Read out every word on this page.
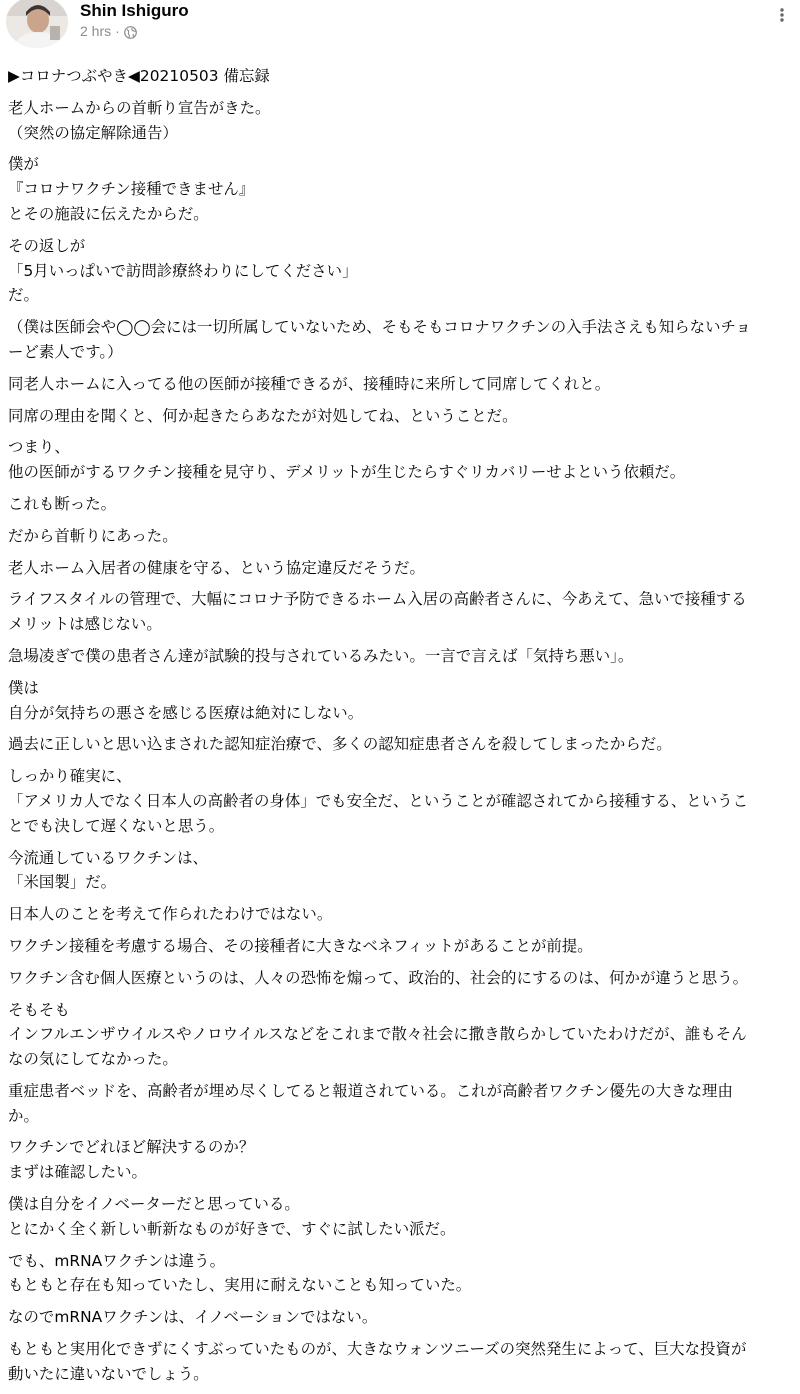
Shin Ishiguro
2 hrs ·

▶コロナつぶやき◀20210503 備忘録

老人ホームからの首斬り宣告がきた。
（突然の協定解除通告）

僕が
『コロナワクチン接種できません』
とその施設に伝えたからだ。

その返しが
「5月いっぱいで訪問診療終わりにしてください」
だ。

（僕は医師会や◯◯会には一切所属していないため、そもそもコロナワクチンの入手法さえも知らないチョ
ーど素人です。）

同老人ホームに入ってる他の医師が接種できるが、接種時に来所して同席してくれと。

同席の理由を聞くと、何か起きたらあなたが対処してね、ということだ。

つまり、
他の医師がするワクチン接種を見守り、デメリットが生じたらすぐリカバリーせよという依頼だ。

これも断った。

だから首斬りにあった。

老人ホーム入居者の健康を守る、という協定違反だそうだ。

ライフスタイルの管理で、大幅にコロナ予防できるホーム入居の高齢者さんに、今あえて、急いで接種する
メリットは感じない。

急場凌ぎで僕の患者さん達が試験的投与されているみたい。一言で言えば「気持ち悪い」。

僕は
自分が気持ちの悪さを感じる医療は絶対にしない。

過去に正しいと思い込まされた認知症治療で、多くの認知症患者さんを殺してしまったからだ。

しっかり確実に、
「アメリカ人でなく日本人の高齢者の身体」でも安全だ、ということが確認されてから接種する、というこ
とでも決して遅くないと思う。

今流通しているワクチンは、
「米国製」だ。

日本人のことを考えて作られたわけではない。

ワクチン接種を考慮する場合、その接種者に大きなベネフィットがあることが前提。

ワクチン含む個人医療というのは、人々の恐怖を煽って、政治的、社会的にするのは、何かが違うと思う。

そもそも
インフルエンザウイルスやノロウイルスなどをこれまで散々社会に撒き散らかしていたわけだが、誰もそん
なの気にしてなかった。

重症患者ベッドを、高齢者が埋め尽くしてると報道されている。これが高齢者ワクチン優先の大きな理由
か。

ワクチンでどれほど解決するのか？
まずは確認したい。

僕は自分をイノベーターだと思っている。
とにかく全く新しい斬新なものが好きで、すぐに試したい派だ。

でも、mRNAワクチンは違う。
もともと存在も知っていたし、実用に耐えないことも知っていた。

なのでmRNAワクチンは、イノベーションではない。

もともと実用化できずにくすぶっていたものが、大きなウォンツニーズの突然発生によって、巨大な投資が
動いたに違いないでしょう。
